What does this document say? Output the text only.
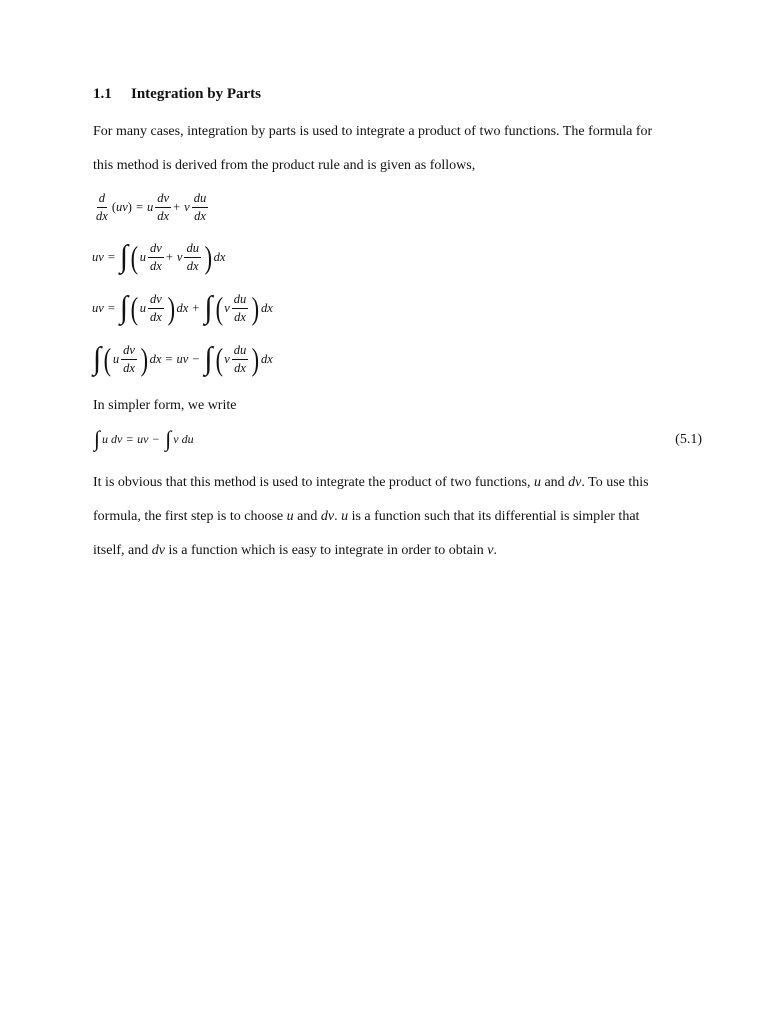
1.1 Integration by Parts
For many cases, integration by parts is used to integrate a product of two functions. The formula for
this method is derived from the product rule and is given as follows,
$\frac{d}{dx}$ ( uv ) = u $\frac{dv}{dx} + v \frac{du}{dx}$
uv = ∫ ( u $\frac{dv}{dx} + v \frac{du}{dx}$ ) dx
uv = ∫ ( u $\frac{dv}{dx}$ ) dx + ∫ ( v $\frac{du}{dx}$ ) dx
∫ ( u $\frac{dv}{dx}$ ) dx = uv − ∫ ( v $\frac{du}{dx}$ ) dx
In simpler form, we write
∫ u dv = uv − ∫ v du	(5.1)
It is obvious that this method is used to integrate the product of two functions, u and dv. To use this
formula, the first step is to choose u and dv. u is a function such that its differential is simpler that
itself, and dv is a function which is easy to integrate in order to obtain v.
